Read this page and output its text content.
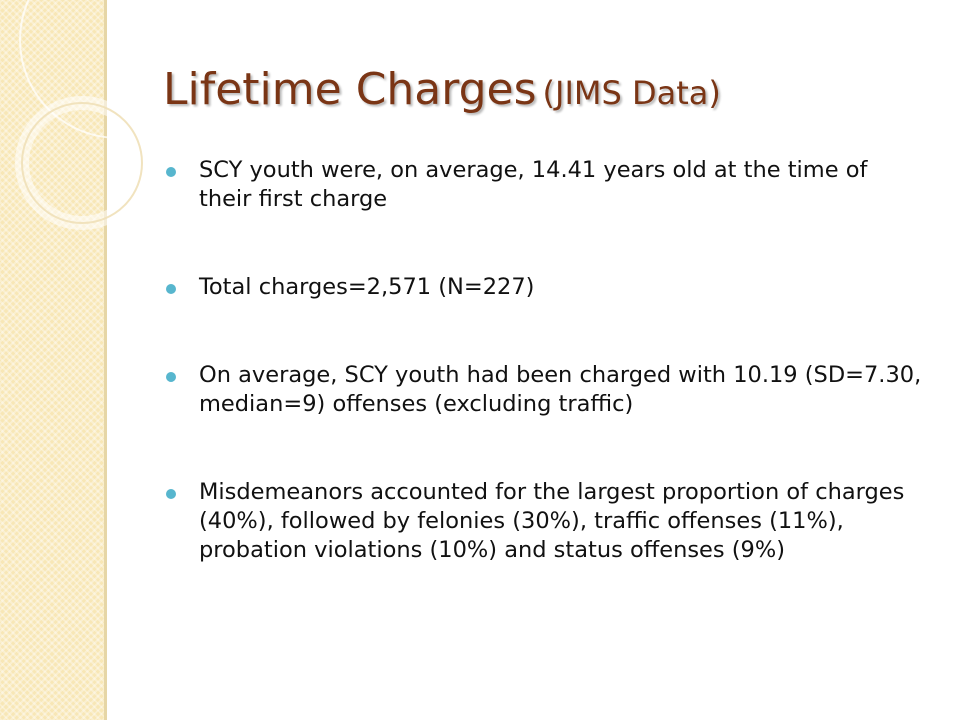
Lifetime Charges (JIMS Data)
SCY youth were, on average, 14.41 years old at the time of their first charge
Total charges=2,571 (N=227)
On average, SCY youth had been charged with 10.19 (SD=7.30, median=9) offenses (excluding traffic)
Misdemeanors accounted for the largest proportion of charges (40%), followed by felonies (30%), traffic offenses (11%), probation violations (10%) and status offenses (9%)
